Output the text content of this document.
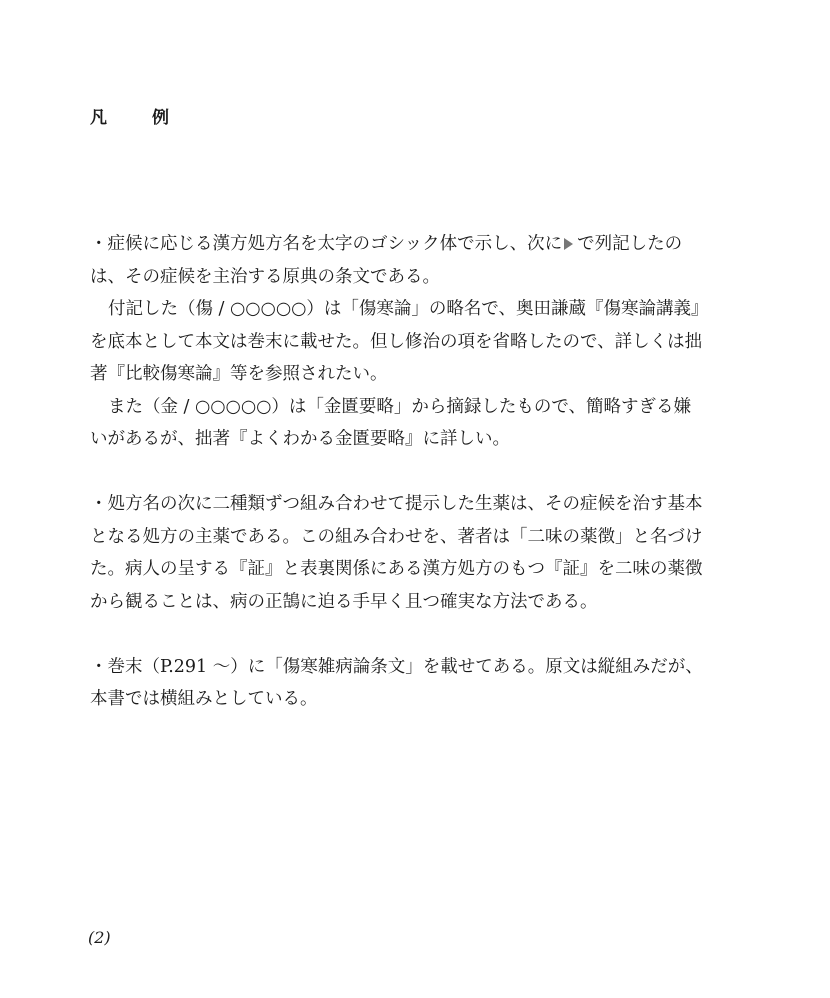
凡　例
・症候に応じる漢方処方名を太字のゴシック体で示し、次に で列記したの
は、その症候を主治する原典の条文である。
付記した（傷 / ○○○○○）は「傷寒論」の略名で、奥田謙蔵『傷寒論講義』
を底本として本文は巻末に載せた。但し修治の項を省略したので、詳しくは拙
著『比較傷寒論』等を参照されたい。
また（金 / ○○○○○）は「金匱要略」から摘録したもので、簡略すぎる嫌
いがあるが、拙著『よくわかる金匱要略』に詳しい。
・処方名の次に二種類ずつ組み合わせて提示した生薬は、その症候を治す基本
となる処方の主薬である。この組み合わせを、著者は「二味の薬徴」と名づけ
た。病人の呈する『証』と表裏関係にある漢方処方のもつ『証』を二味の薬徴
から観ることは、病の正鵠に迫る手早く且つ確実な方法である。
・巻末（P.291 ～）に「傷寒雑病論条文」を載せてある。原文は縦組みだが、
本書では横組みとしている。
(2)
